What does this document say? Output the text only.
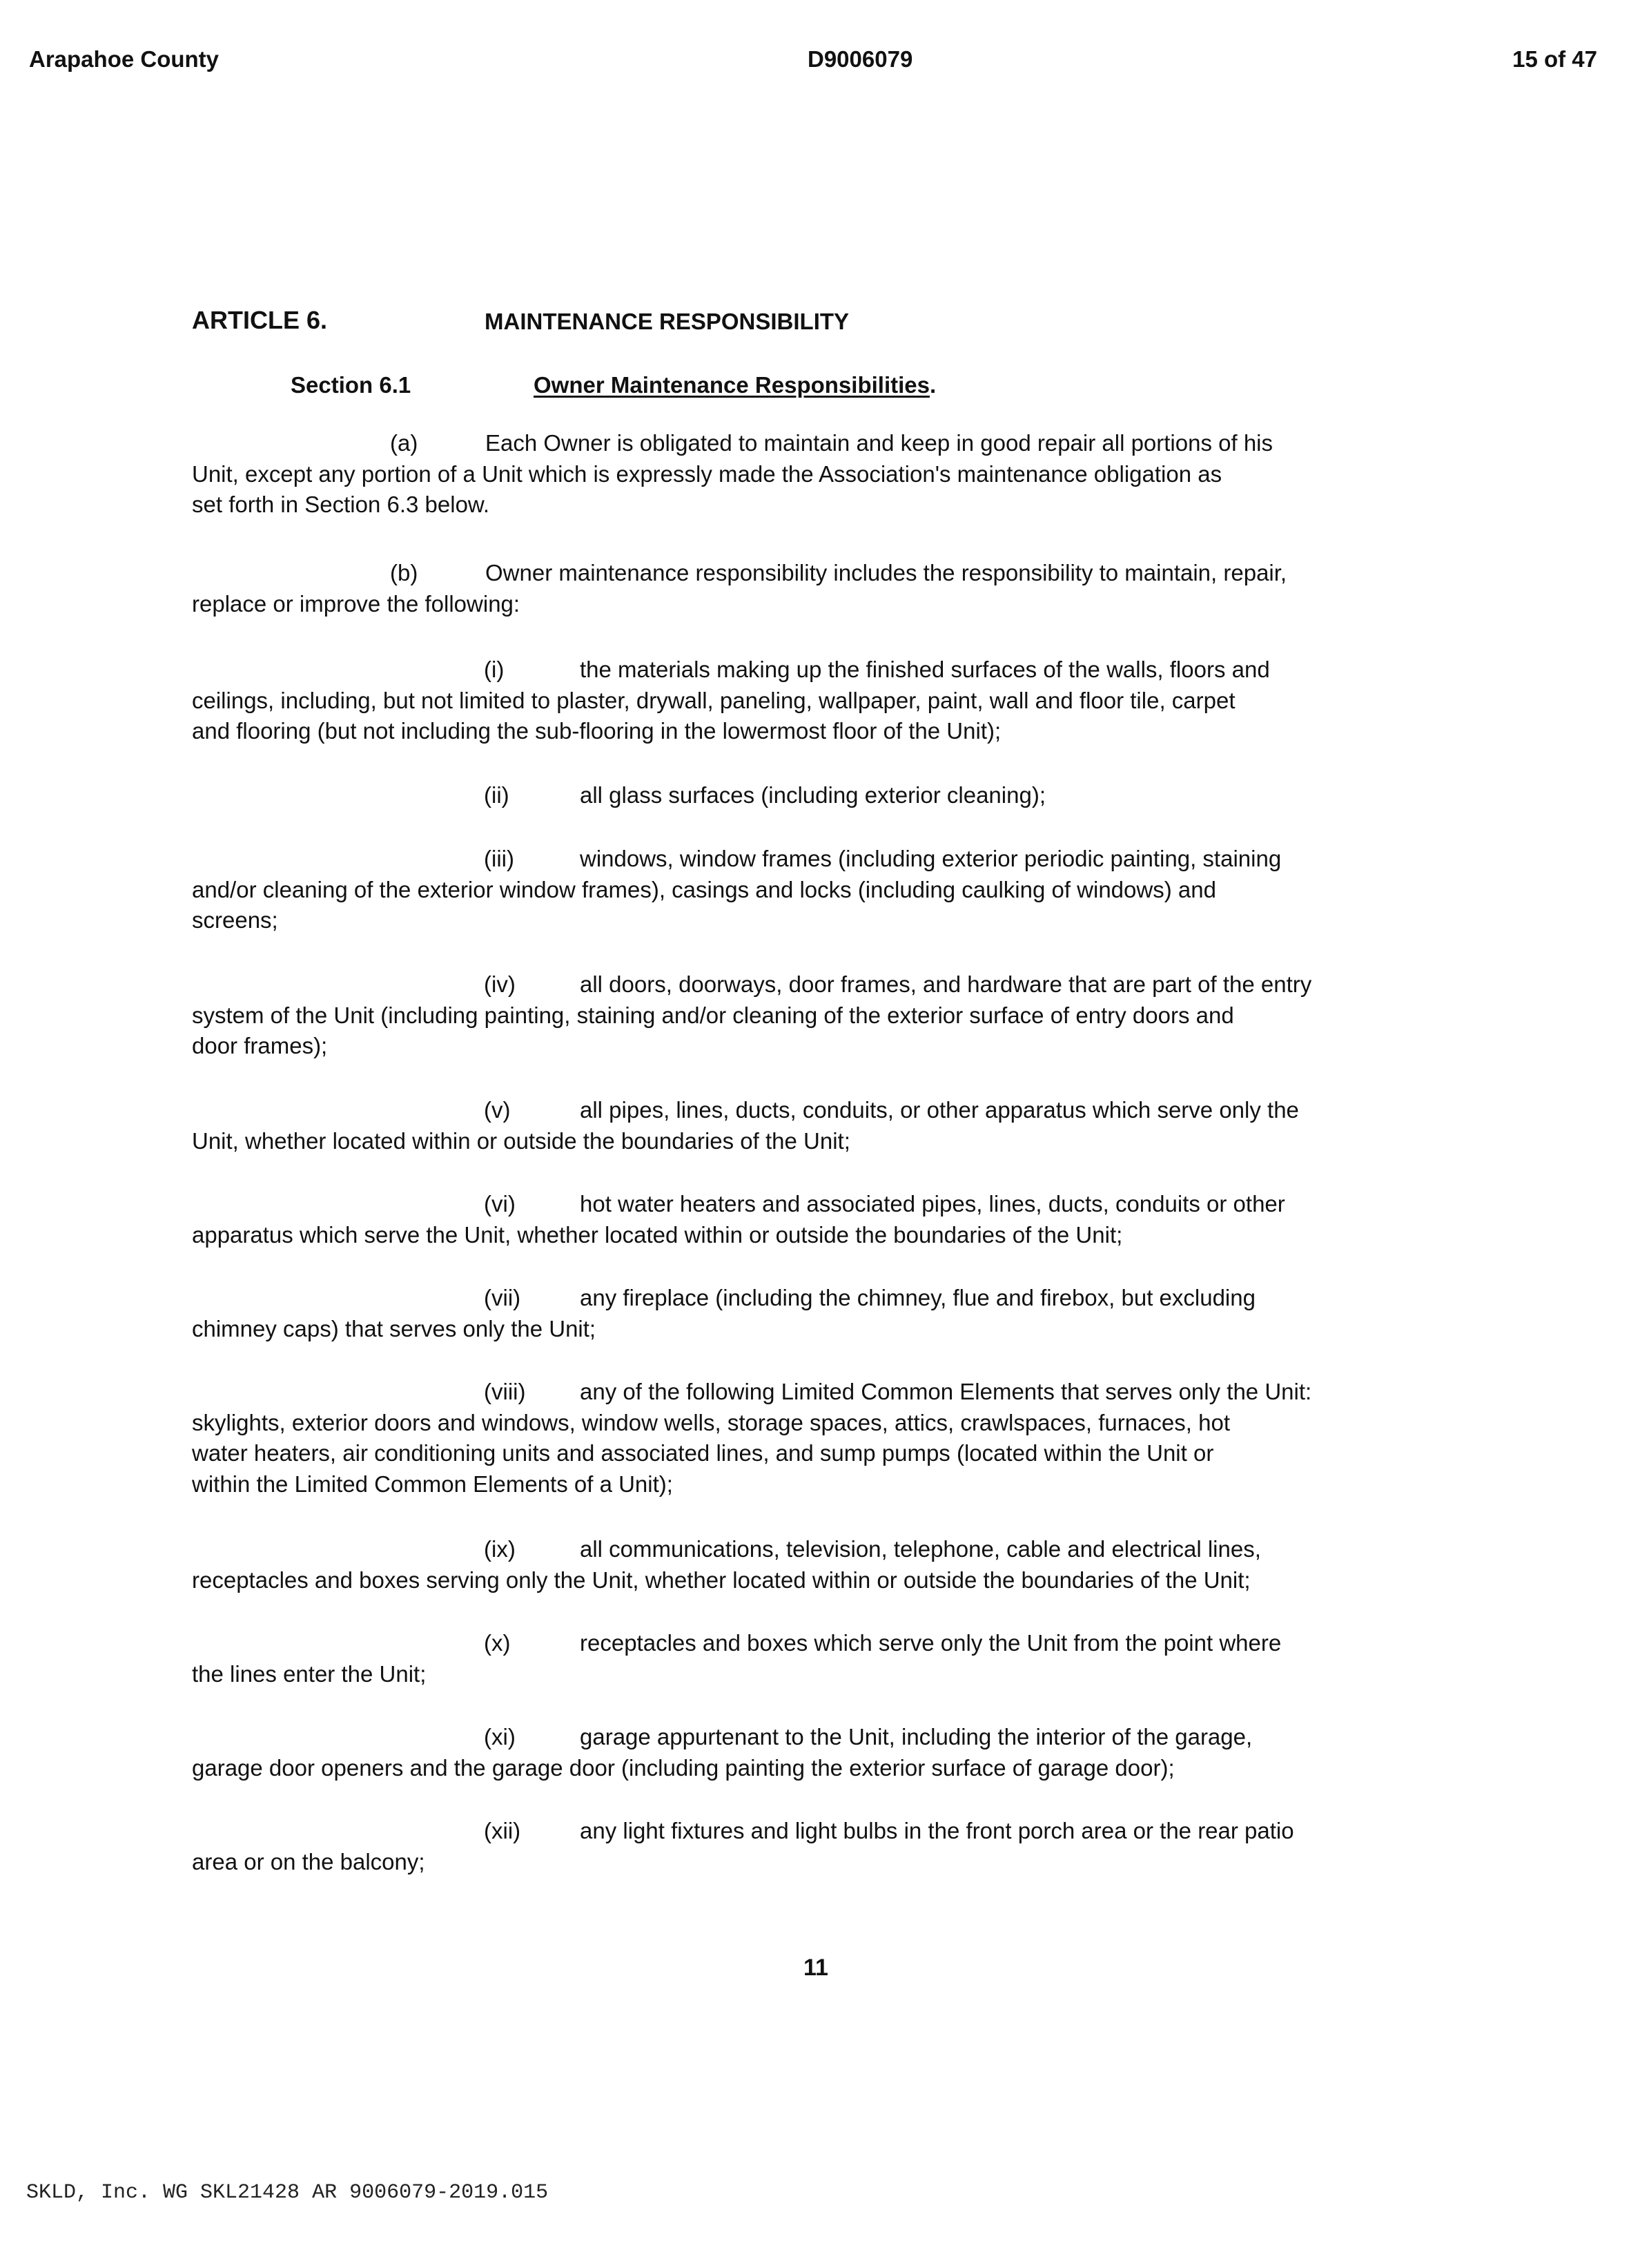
Arapahoe County	D9006079	15 of 47
ARTICLE 6.	MAINTENANCE RESPONSIBILITY
Section 6.1	Owner Maintenance Responsibilities.
(a)	Each Owner is obligated to maintain and keep in good repair all portions of his
Unit, except any portion of a Unit which is expressly made the Association's maintenance obligation as
set forth in Section 6.3 below.
(b)	Owner maintenance responsibility includes the responsibility to maintain, repair,
replace or improve the following:
(i)	the materials making up the finished surfaces of the walls, floors and
ceilings, including, but not limited to plaster, drywall, paneling, wallpaper, paint, wall and floor tile, carpet
and flooring (but not including the sub-flooring in the lowermost floor of the Unit);
(ii)	all glass surfaces (including exterior cleaning);
(iii)	windows, window frames (including exterior periodic painting, staining
and/or cleaning of the exterior window frames), casings and locks (including caulking of windows) and
screens;
(iv)	all doors, doorways, door frames, and hardware that are part of the entry
system of the Unit (including painting, staining and/or cleaning of the exterior surface of entry doors and
door frames);
(v)	all pipes, lines, ducts, conduits, or other apparatus which serve only the
Unit, whether located within or outside the boundaries of the Unit;
(vi)	hot water heaters and associated pipes, lines, ducts, conduits or other
apparatus which serve the Unit, whether located within or outside the boundaries of the Unit;
(vii)	any fireplace (including the chimney, flue and firebox, but excluding
chimney caps) that serves only the Unit;
(viii) any of the following Limited Common Elements that serves only the Unit:
skylights, exterior doors and windows, window wells, storage spaces, attics, crawlspaces, furnaces, hot
water heaters, air conditioning units and associated lines, and sump pumps (located within the Unit or
within the Limited Common Elements of a Unit);
(ix)	all communications, television, telephone, cable and electrical lines,
receptacles and boxes serving only the Unit, whether located within or outside the boundaries of the Unit;
(x)	receptacles and boxes which serve only the Unit from the point where
the lines enter the Unit;
(xi)	garage appurtenant to the Unit, including the interior of the garage,
garage door openers and the garage door (including painting the exterior surface of garage door);
(xii)	any light fixtures and light bulbs in the front porch area or the rear patio
area or on the balcony;
11
SKLD, Inc. WG SKL21428 AR 9006079-2019.015
